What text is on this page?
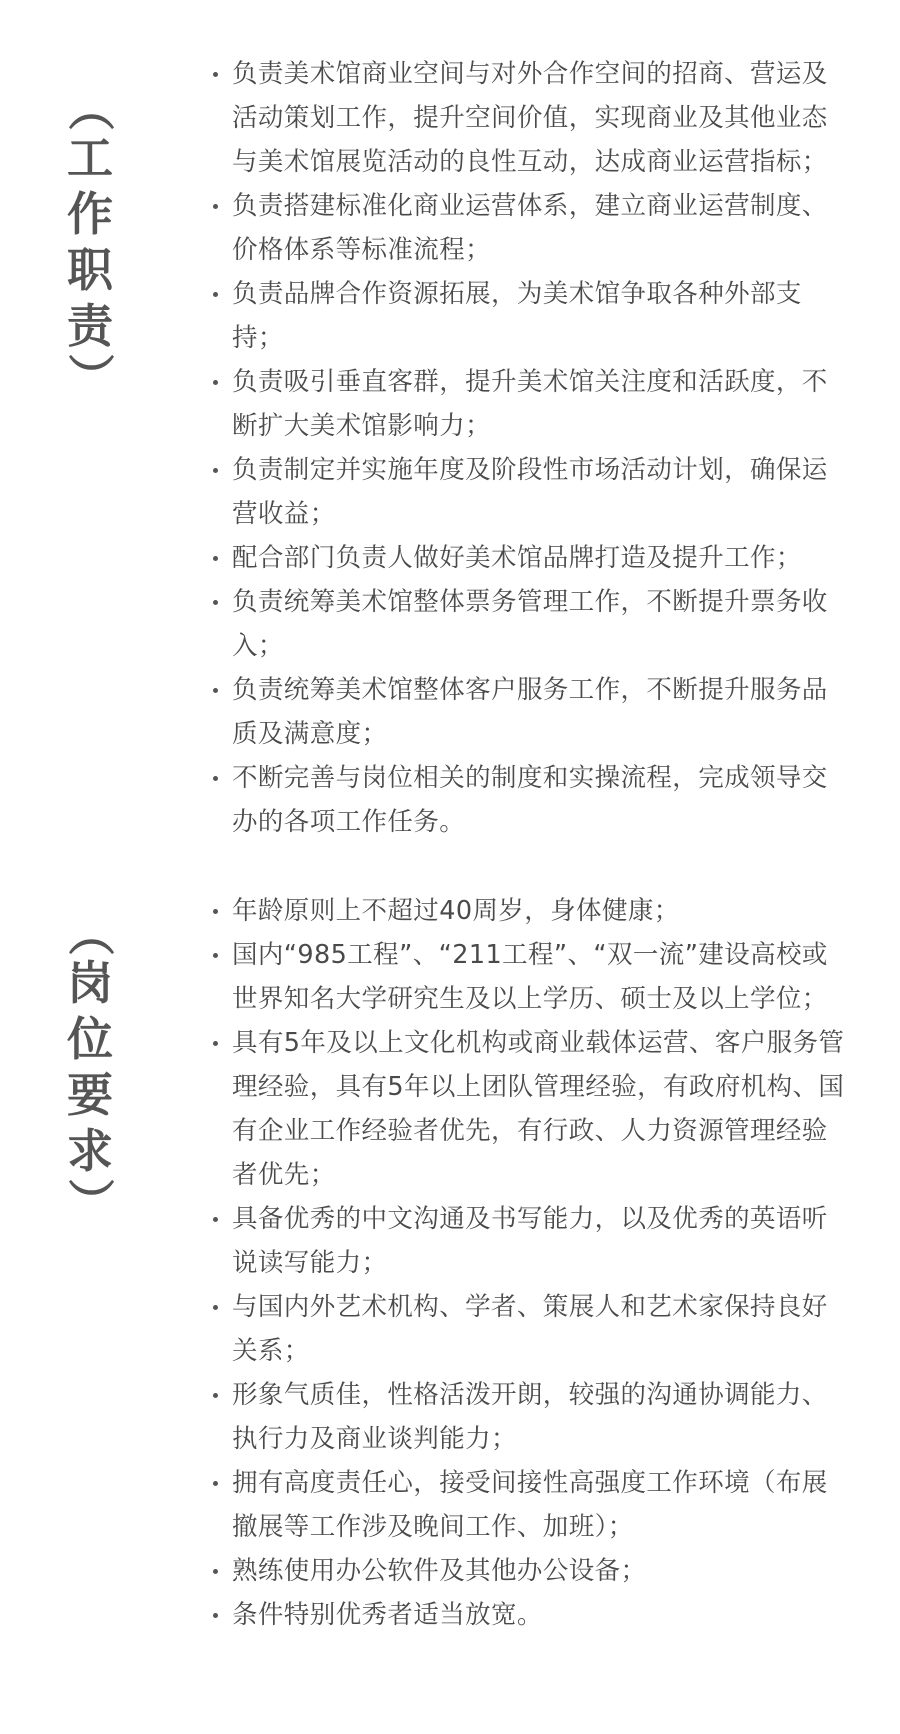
（
工
作
职
责
）
负责美术馆商业空间与对外合作空间的招商、营运及活动策划工作，提升空间价值，实现商业及其他业态与美术馆展览活动的良性互动，达成商业运营指标；
负责搭建标准化商业运营体系，建立商业运营制度、价格体系等标准流程；
负责品牌合作资源拓展，为美术馆争取各种外部支持；
负责吸引垂直客群，提升美术馆关注度和活跃度，不断扩大美术馆影响力；
负责制定并实施年度及阶段性市场活动计划，确保运营收益；
配合部门负责人做好美术馆品牌打造及提升工作；
负责统筹美术馆整体票务管理工作，不断提升票务收入；
负责统筹美术馆整体客户服务工作，不断提升服务品质及满意度；
不断完善与岗位相关的制度和实操流程，完成领导交办的各项工作任务。
（
岗
位
要
求
）
年龄原则上不超过40周岁，身体健康；
国内“985工程”、“211工程”、“双一流”建设高校或世界知名大学研究生及以上学历、硕士及以上学位；
具有5年及以上文化机构或商业载体运营、客户服务管理经验，具有5年以上团队管理经验，有政府机构、国有企业工作经验者优先，有行政、人力资源管理经验者优先；
具备优秀的中文沟通及书写能力，以及优秀的英语听说读写能力；
与国内外艺术机构、学者、策展人和艺术家保持良好关系；
形象气质佳，性格活泼开朗，较强的沟通协调能力、执行力及商业谈判能力；
拥有高度责任心，接受间接性高强度工作环境（布展撤展等工作涉及晚间工作、加班）；
熟练使用办公软件及其他办公设备；
条件特别优秀者适当放宽。
